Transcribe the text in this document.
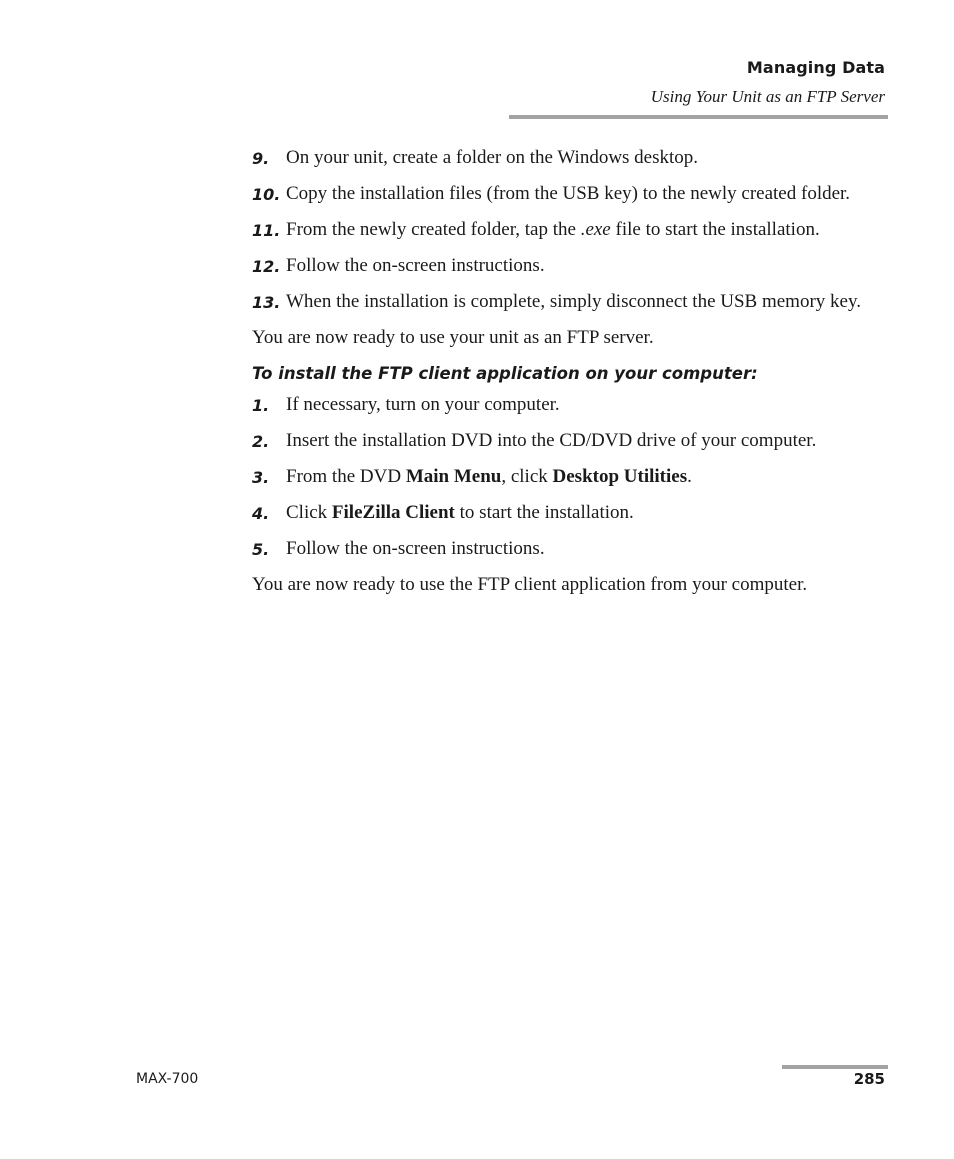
Managing Data
Using Your Unit as an FTP Server
9. On your unit, create a folder on the Windows desktop.
10. Copy the installation files (from the USB key) to the newly created folder.
11. From the newly created folder, tap the .exe file to start the installation.
12. Follow the on-screen instructions.
13. When the installation is complete, simply disconnect the USB memory key.
You are now ready to use your unit as an FTP server.
To install the FTP client application on your computer:
1. If necessary, turn on your computer.
2. Insert the installation DVD into the CD/DVD drive of your computer.
3. From the DVD Main Menu, click Desktop Utilities.
4. Click FileZilla Client to start the installation.
5. Follow the on-screen instructions.
You are now ready to use the FTP client application from your computer.
MAX-700	285
